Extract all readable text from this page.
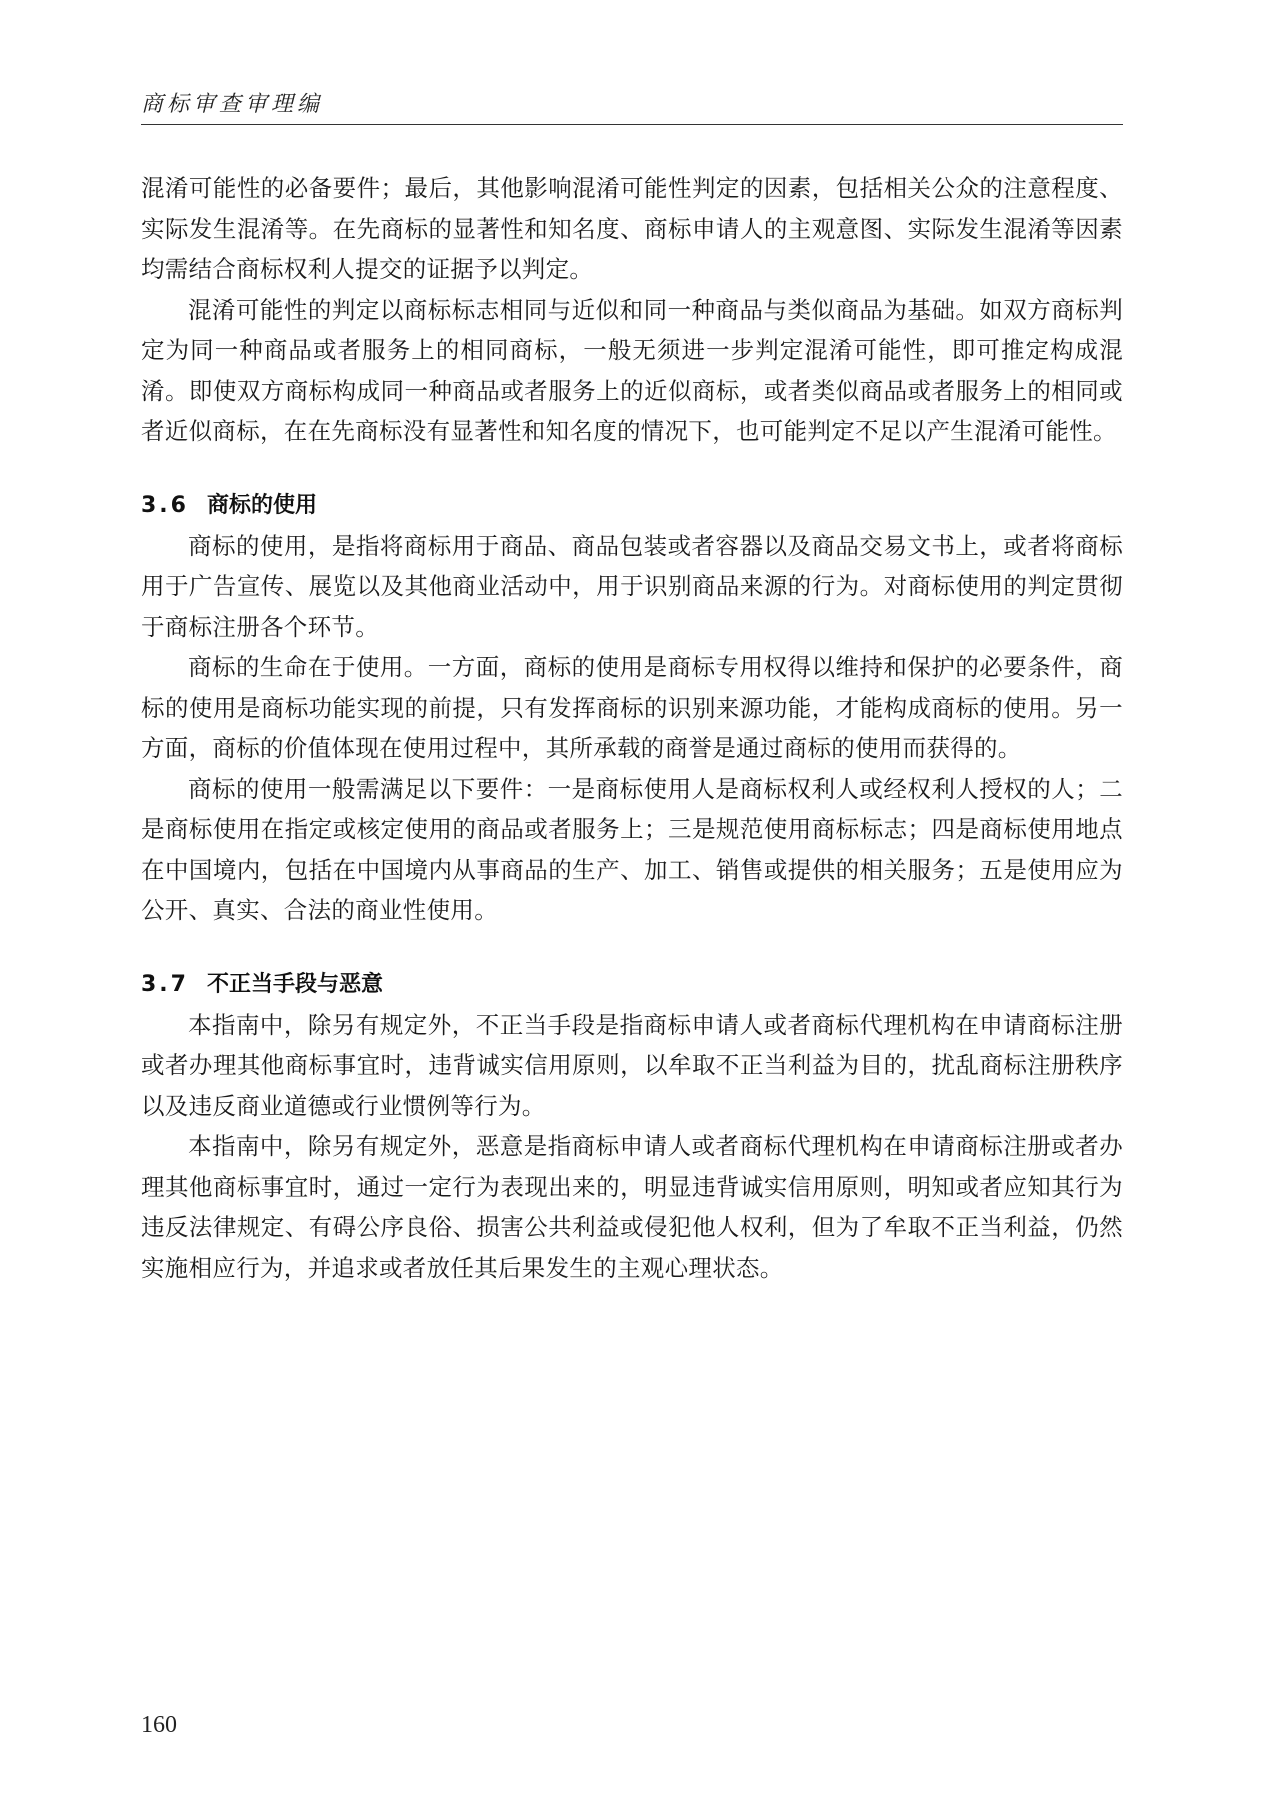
商标审查审理编

混淆可能性的必备要件；最后，其他影响混淆可能性判定的因素，包括相关公众的注意程度、实际发生混淆等。在先商标的显著性和知名度、商标申请人的主观意图、实际发生混淆等因素均需结合商标权利人提交的证据予以判定。

混淆可能性的判定以商标标志相同与近似和同一种商品与类似商品为基础。如双方商标判定为同一种商品或者服务上的相同商标，一般无须进一步判定混淆可能性，即可推定构成混淆。即使双方商标构成同一种商品或者服务上的近似商标，或者类似商品或者服务上的相同或者近似商标，在在先商标没有显著性和知名度的情况下，也可能判定不足以产生混淆可能性。

3.6 商标的使用

商标的使用，是指将商标用于商品、商品包装或者容器以及商品交易文书上，或者将商标用于广告宣传、展览以及其他商业活动中，用于识别商品来源的行为。对商标使用的判定贯彻于商标注册各个环节。

商标的生命在于使用。一方面，商标的使用是商标专用权得以维持和保护的必要条件，商标的使用是商标功能实现的前提，只有发挥商标的识别来源功能，才能构成商标的使用。另一方面，商标的价值体现在使用过程中，其所承载的商誉是通过商标的使用而获得的。

商标的使用一般需满足以下要件：一是商标使用人是商标权利人或经权利人授权的人；二是商标使用在指定或核定使用的商品或者服务上；三是规范使用商标标志；四是商标使用地点在中国境内，包括在中国境内从事商品的生产、加工、销售或提供的相关服务；五是使用应为公开、真实、合法的商业性使用。

3.7 不正当手段与恶意

本指南中，除另有规定外，不正当手段是指商标申请人或者商标代理机构在申请商标注册或者办理其他商标事宜时，违背诚实信用原则，以牟取不正当利益为目的，扰乱商标注册秩序以及违反商业道德或行业惯例等行为。

本指南中，除另有规定外，恶意是指商标申请人或者商标代理机构在申请商标注册或者办理其他商标事宜时，通过一定行为表现出来的，明显违背诚实信用原则，明知或者应知其行为违反法律规定、有碍公序良俗、损害公共利益或侵犯他人权利，但为了牟取不正当利益，仍然实施相应行为，并追求或者放任其后果发生的主观心理状态。

160
